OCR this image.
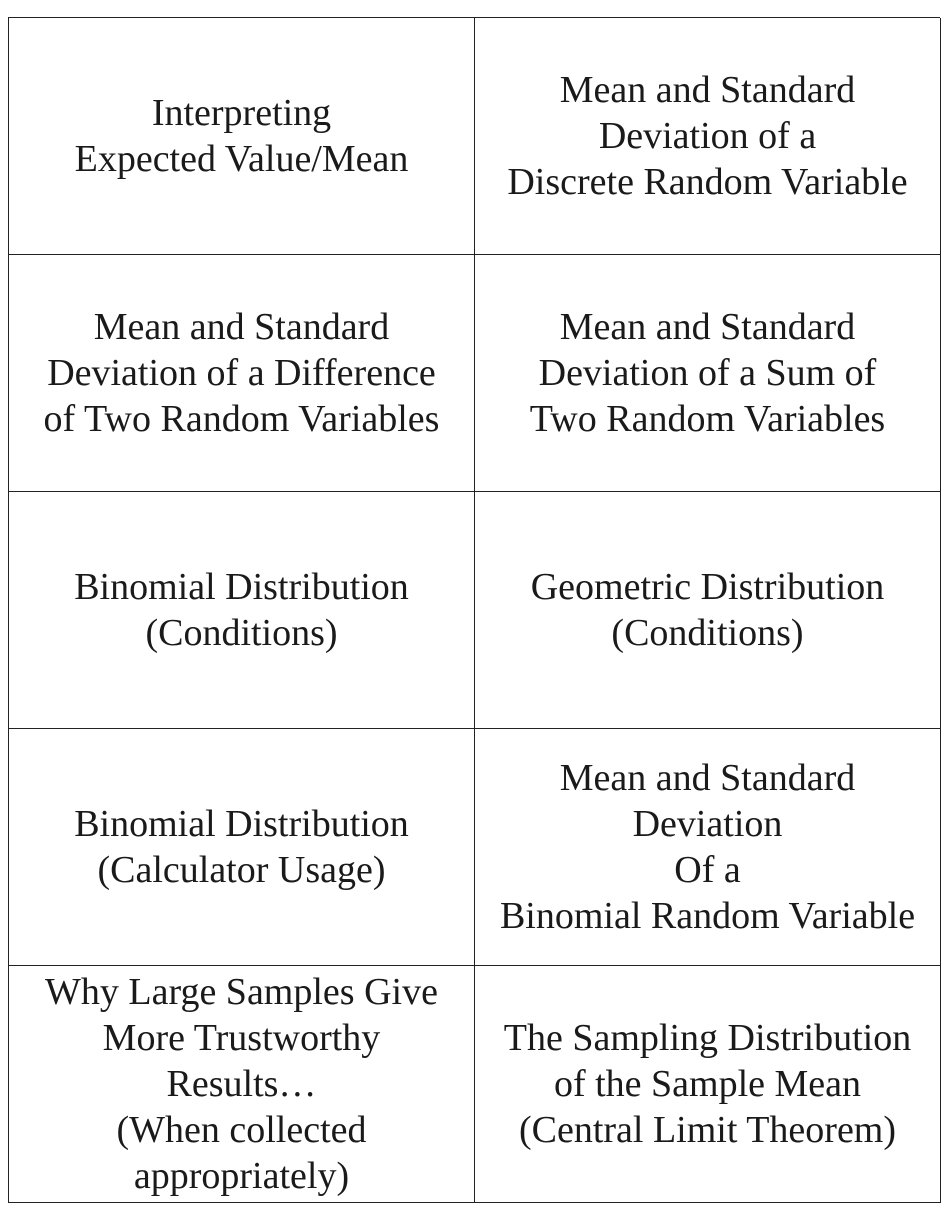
Interpreting
Expected Value/Mean
Mean and Standard
Deviation of a
Discrete Random Variable
Mean and Standard
Deviation of a Difference
of Two Random Variables
Mean and Standard
Deviation of a Sum of
Two Random Variables
Binomial Distribution
(Conditions)
Geometric Distribution
(Conditions)
Binomial Distribution
(Calculator Usage)
Mean and Standard
Deviation
Of a
Binomial Random Variable
Why Large Samples Give
More Trustworthy
Results…
(When collected
appropriately)
The Sampling Distribution
of the Sample Mean
(Central Limit Theorem)
